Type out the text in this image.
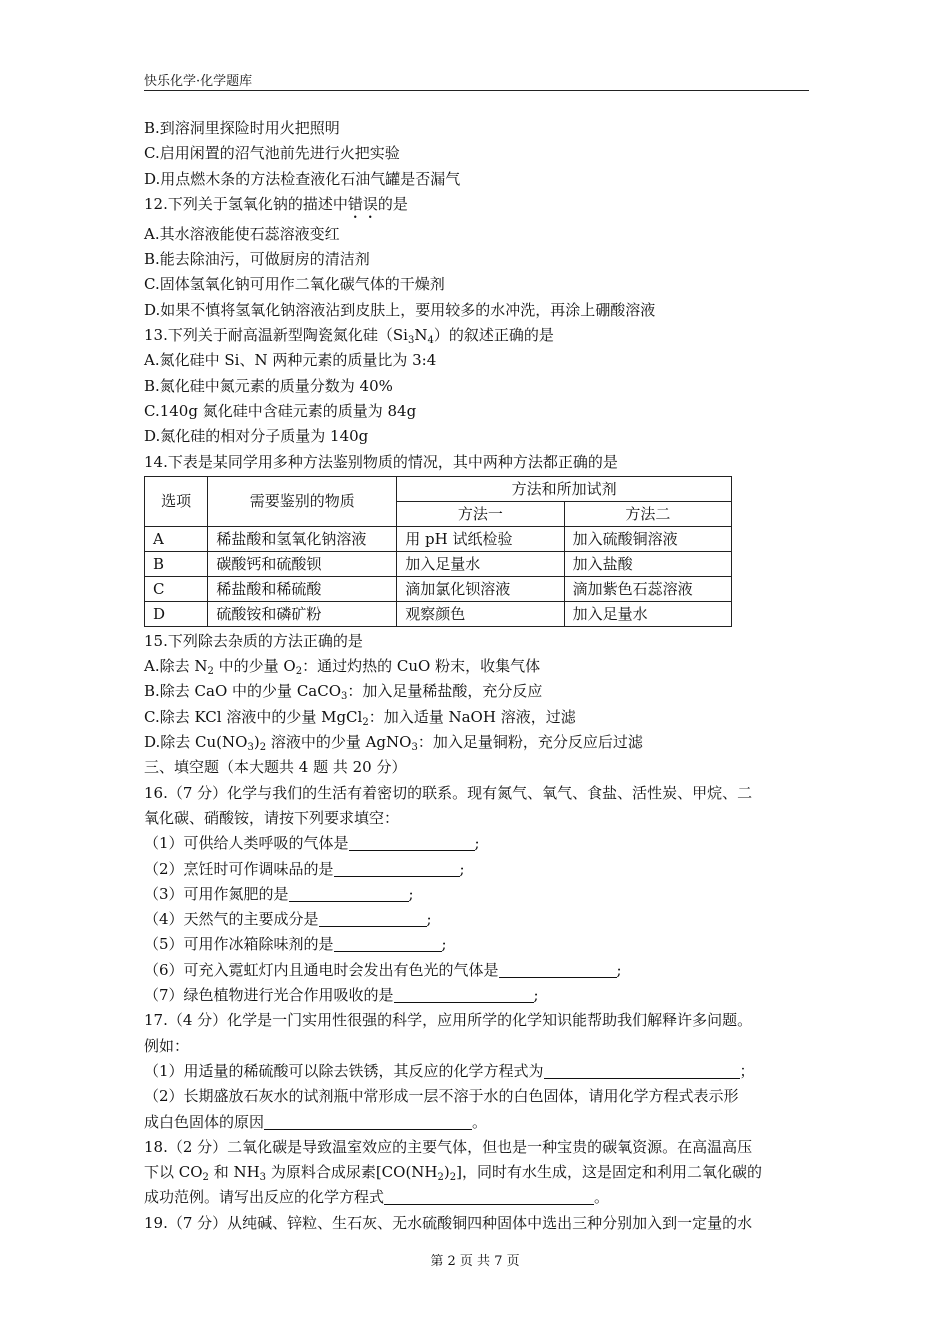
快乐化学·化学题库
B.到溶洞里探险时用火把照明
C.启用闲置的沼气池前先进行火把实验
D.用点燃木条的方法检查液化石油气罐是否漏气
12.下列关于氢氧化钠的描述中错误的是
A.其水溶液能使石蕊溶液变红
B.能去除油污，可做厨房的清洁剂
C.固体氢氧化钠可用作二氧化碳气体的干燥剂
D.如果不慎将氢氧化钠溶液沾到皮肤上，要用较多的水冲洗，再涂上硼酸溶液
13.下列关于耐高温新型陶瓷氮化硅$(Si_3N_4)$的叙述正确的是
A.氮化硅中 Si、N 两种元素的质量比为 3:4
B.氮化硅中氮元素的质量分数为 40%
C.140g 氮化硅中含硅元素的质量为 84g
D.氮化硅的相对分子质量为 140g
14.下表是某同学用多种方法鉴别物质的情况，其中两种方法都正确的是
选项	需要鉴别的物质	方法和所加试剂	
		方法一	方法二
A	稀盐酸和氢氧化钠溶液	用 pH 试纸检验	加入硫酸铜溶液
B	碳酸钙和硫酸钡	加入足量水	加入盐酸
C	稀盐酸和稀硫酸	滴加氯化钡溶液	滴加紫色石蕊溶液
D	硫酸铵和磷矿粉	观察颜色	加入足量水
15.下列除去杂质的方法正确的是
A.除去 $N_2$ 中的少量 $O_2$：通过灼热的 CuO 粉末，收集气体
B.除去 CaO 中的少量 CaCO$_3$：加入足量稀盐酸，充分反应
C.除去 KCl 溶液中的少量 MgCl$_2$：加入适量 NaOH 溶液，过滤
D.除去 $Cu(NO_3)_2$ 溶液中的少量 AgNO$_3$：加入足量铜粉，充分反应后过滤
三、填空题（本大题共 4 题 共 20 分）
16.（7 分）化学与我们的生活有着密切的联系。现有氮气、氧气、食盐、活性炭、甲烷、二
氧化碳、硝酸铵，请按下列要求填空：
（1）可供给人类呼吸的气体是	;
（2）烹饪时可作调味品的是	;
（3）可用作氮肥的是	;
（4）天然气的主要成分是	;
（5）可用作冰箱除味剂的是	;
（6）可充入霓虹灯内且通电时会发出有色光的气体是	;
（7）绿色植物进行光合作用吸收的是	;
17.（4 分）化学是一门实用性很强的科学，应用所学的化学知识能帮助我们解释许多问题。
例如：
（1）用适量的稀硫酸可以除去铁锈，其反应的化学方程式为	；
（2）长期盛放石灰水的试剂瓶中常形成一层不溶于水的白色固体，请用化学方程式表示形
成白色固体的原因	。
18.（2 分）二氧化碳是导致温室效应的主要气体，但也是一种宝贵的碳氧资源。在高温高压
下以 $CO_2$ 和 $NH_3$ 为原料合成尿素$[CO(NH_2)_2]$，同时有水生成，这是固定和利用二氧化碳的
成功范例。请写出反应的化学方程式	。
19.（7 分）从纯碱、锌粒、生石灰、无水硫酸铜四种固体中选出三种分别加入到一定量的水
第 2 页 共 7 页
